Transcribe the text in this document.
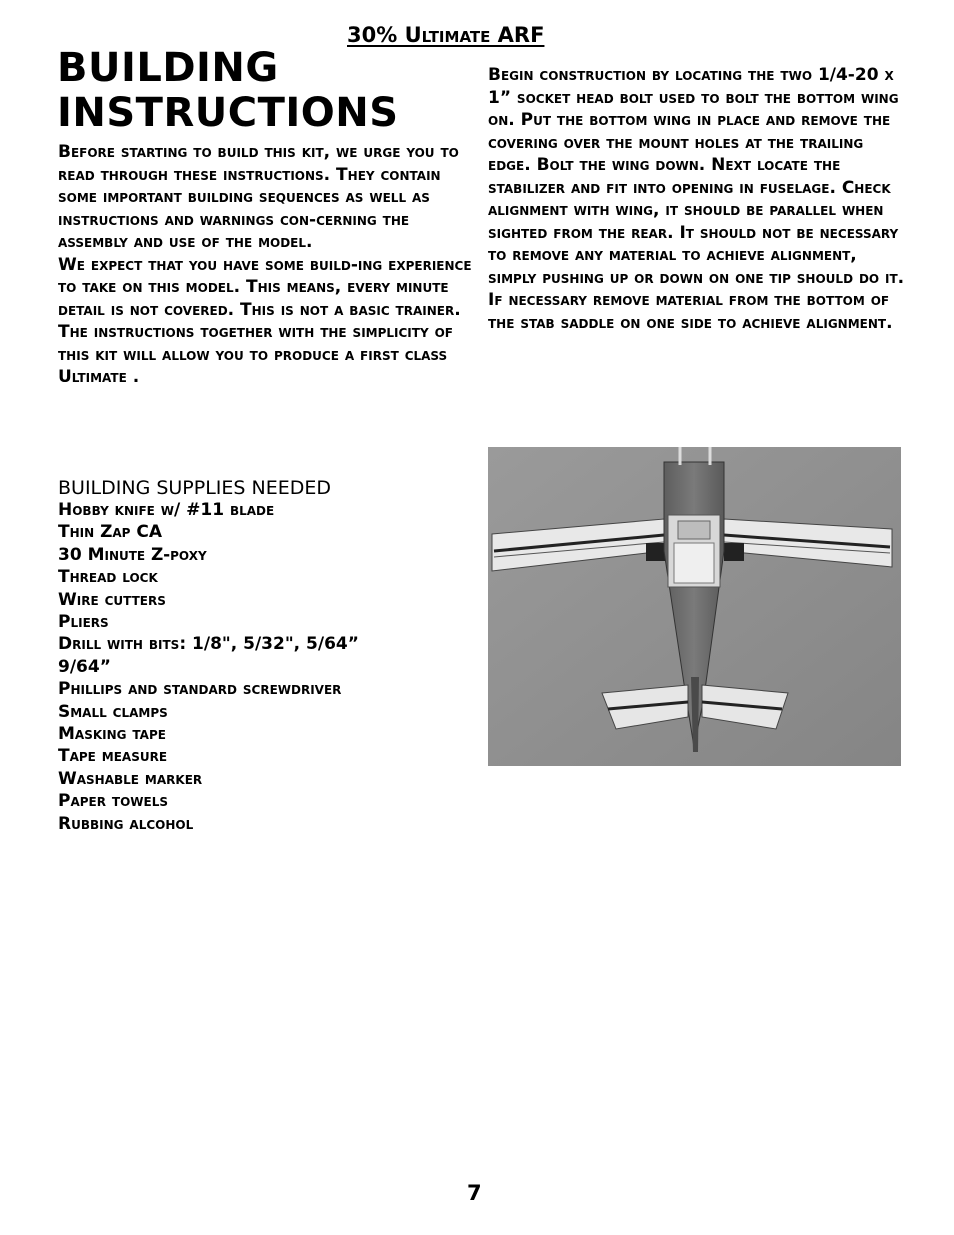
30% Ultimate ARF
BUILDING INSTRUCTIONS

Before starting to build this kit, we urge you to read through these instructions. They contain some important building sequences as well as instructions and warnings con-cerning the assembly and use of the model.

We expect that you have some build-ing experience to take on this model. This means, every minute detail is not covered. This is not a basic trainer. The instructions together with the simplicity of this kit will allow you to produce a first class Ultimate .

BUILDING SUPPLIES NEEDED
Hobby knife w/ #11 blade
Thin Zap CA
30 Minute Z-poxy
Thread lock
Wire cutters
Pliers
Drill with bits: 1/8", 5/32", 5/64”
9/64”
Phillips and standard screwdriver
Small clamps
Masking tape
Tape measure
Washable marker
Paper towels
Rubbing alcohol

Begin construction by locating the two 1/4-20 x 1” socket head bolt used to bolt the bottom wing on. Put the bottom wing in place and remove the covering over the mount holes at the trailing edge. Bolt the wing down. Next locate the stabilizer and fit into opening in fuselage. Check alignment with wing, it should be parallel when sighted from the rear. It should not be necessary to remove any material to achieve alignment, simply pushing up or down on one tip should do it. If necessary remove material from the bottom of the stab saddle on one side to achieve alignment.

7
